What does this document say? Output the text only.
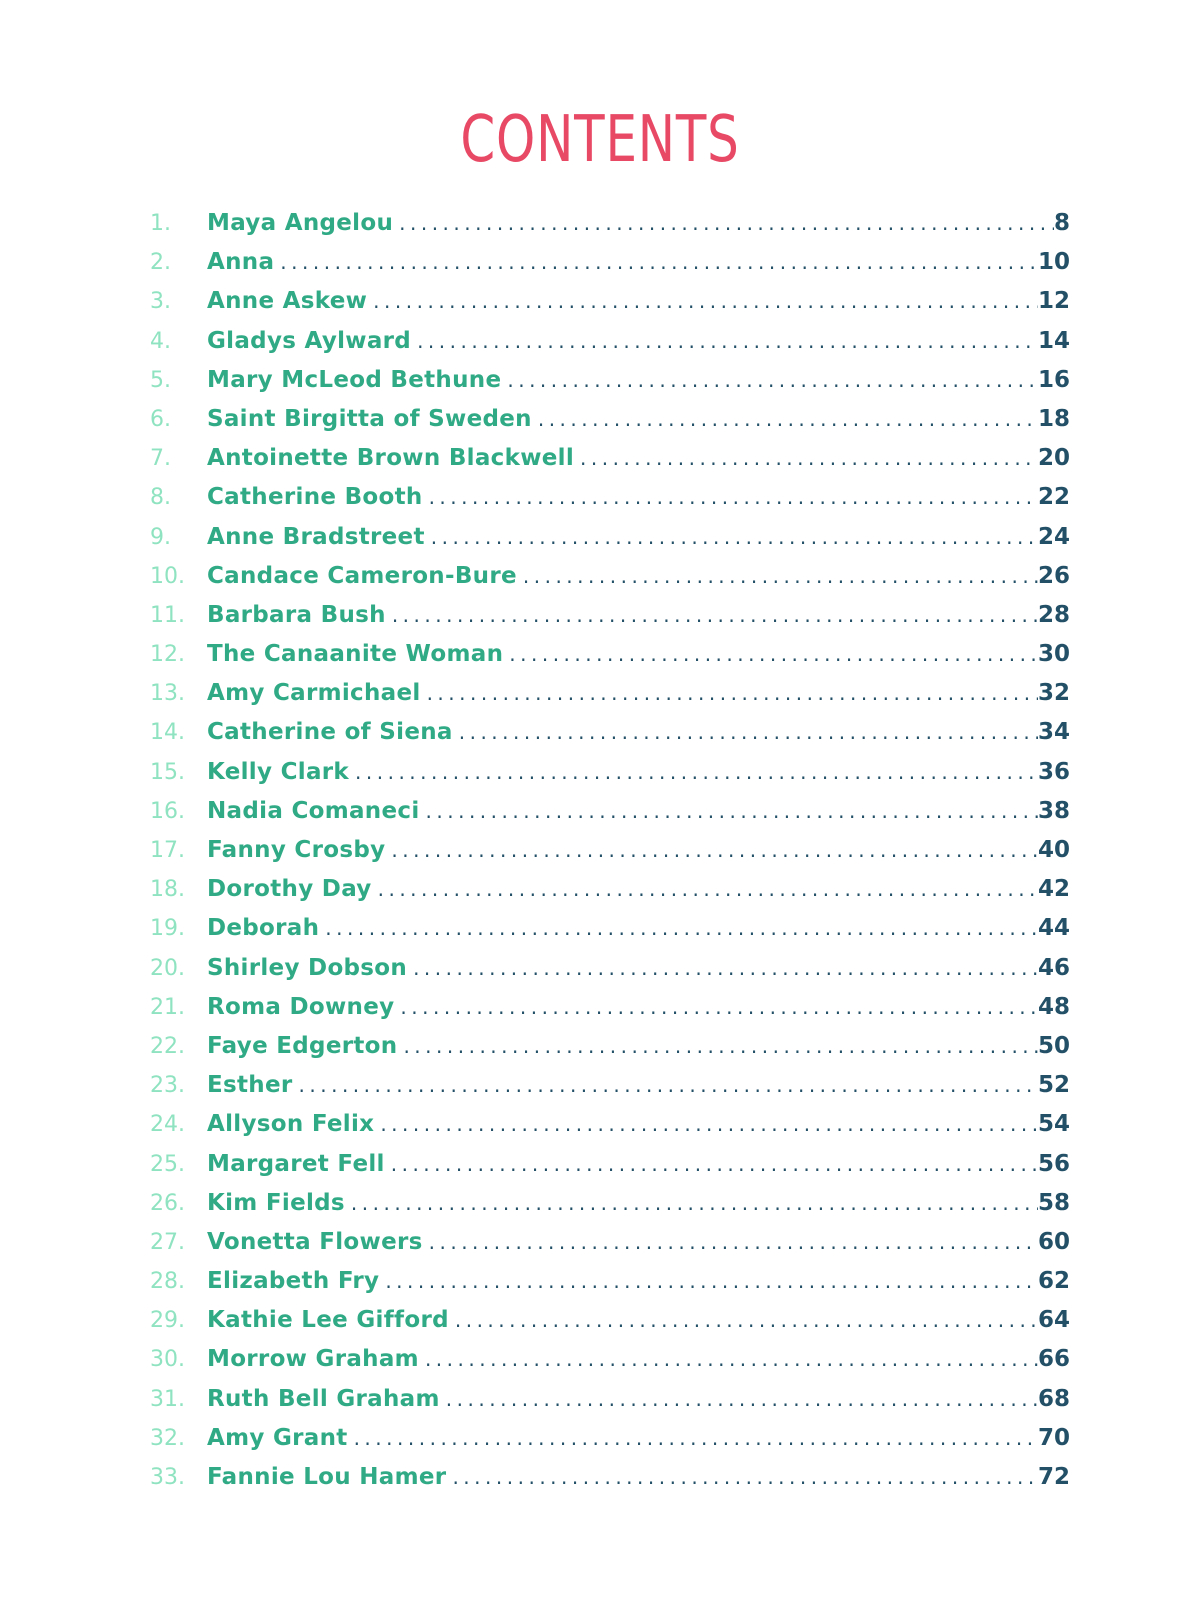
CONTENTS
1.	Maya Angelou .....	8
2.	Anna .....	10
3.	Anne Askew .....	12
4.	Gladys Aylward .....	14
5.	Mary McLeod Bethune .....	16
6.	Saint Birgitta of Sweden .....	18
7.	Antoinette Brown Blackwell .....	20
8.	Catherine Booth .....	22
9.	Anne Bradstreet .....	24
10. Candace Cameron-Bure .....	26
11. Barbara Bush .....	28
12. The Canaanite Woman .....	30
13. Amy Carmichael .....	32
14. Catherine of Siena .....	34
15. Kelly Clark .....	36
16. Nadia Comaneci .....	38
17. Fanny Crosby .....	40
18. Dorothy Day .....	42
19. Deborah .....	44
20. Shirley Dobson .....	46
21. Roma Downey .....	48
22. Faye Edgerton .....	50
23. Esther .....	52
24. Allyson Felix .....	54
25. Margaret Fell .....	56
26. Kim Fields .....	58
27. Vonetta Flowers .....	60
28. Elizabeth Fry .....	62
29. Kathie Lee Gifford .....	64
30. Morrow Graham .....	66
31. Ruth Bell Graham .....	68
32. Amy Grant .....	70
33. Fannie Lou Hamer .....	72
